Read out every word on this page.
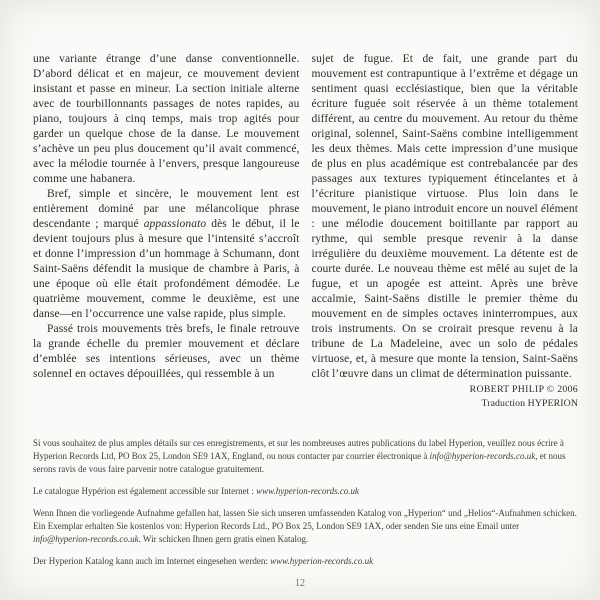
une variante étrange d’une danse conventionnelle. D’abord délicat et en majeur, ce mouvement devient insistant et passe en mineur. La section initiale alterne avec de tourbillonnants passages de notes rapides, au piano, toujours à cinq temps, mais trop agités pour garder un quelque chose de la danse. Le mouvement s’achève un peu plus doucement qu’il avait commencé, avec la mélodie tournée à l’envers, presque langoureuse comme une habanera.

Bref, simple et sincère, le mouvement lent est entièrement dominé par une mélancolique phrase descendante ; marqué appassionato dès le début, il le devient toujours plus à mesure que l’intensité s’accroît et donne l’impression d’un hommage à Schumann, dont Saint-Saëns défendit la musique de chambre à Paris, à une époque où elle était profondément démodée. Le quatrième mouvement, comme le deuxième, est une danse—en l’occurrence une valse rapide, plus simple.

Passé trois mouvements très brefs, le finale retrouve la grande échelle du premier mouvement et déclare d’emblée ses intentions sérieuses, avec un thème solennel en octaves dépouillées, qui ressemble à un

sujet de fugue. Et de fait, une grande part du mouvement est contrapuntique à l’extrême et dégage un sentiment quasi ecclésiastique, bien que la véritable écriture fuguée soit réservée à un thème totalement différent, au centre du mouvement. Au retour du thème original, solennel, Saint-Saëns combine intelligemment les deux thèmes. Mais cette impression d’une musique de plus en plus académique est contrebalancée par des passages aux textures typiquement étincelantes et à l’écriture pianistique virtuose. Plus loin dans le mouvement, le piano introduit encore un nouvel élément : une mélodie doucement boitillante par rapport au rythme, qui semble presque revenir à la danse irrégulière du deuxième mouvement. La détente est de courte durée. Le nouveau thème est mêlé au sujet de la fugue, et un apogée est atteint. Après une brève accalmie, Saint-Saëns distille le premier thème du mouvement en de simples octaves ininterrompues, aux trois instruments. On se croirait presque revenu à la tribune de La Madeleine, avec un solo de pédales virtuose, et, à mesure que monte la tension, Saint-Saëns clôt l’œuvre dans un climat de détermination puissante.

ROBERT PHILIP © 2006
Traduction HYPERION

Si vous souhaitez de plus amples détails sur ces enregistrements, et sur les nombreuses autres publications du label Hyperion, veuillez nous écrire à Hyperion Records Ltd, PO Box 25, London SE9 1AX, England, ou nous contacter par courrier électronique à info@hyperion-records.co.uk, et nous serons ravis de vous faire parvenir notre catalogue gratuitement.

Le catalogue Hypérion est également accessible sur Internet : www.hyperion-records.co.uk

Wenn Ihnen die vorliegende Aufnahme gefallen hat, lassen Sie sich unseren umfassenden Katalog von „Hyperion“ und „Helios“-Aufnahmen schicken. Ein Exemplar erhalten Sie kostenlos von: Hyperion Records Ltd., PO Box 25, London SE9 1AX, oder senden Sie uns eine Email unter info@hyperion-records.co.uk. Wir schicken Ihnen gern gratis einen Katalog.

Der Hyperion Katalog kann auch im Internet eingesehen werden: www.hyperion-records.co.uk

12
